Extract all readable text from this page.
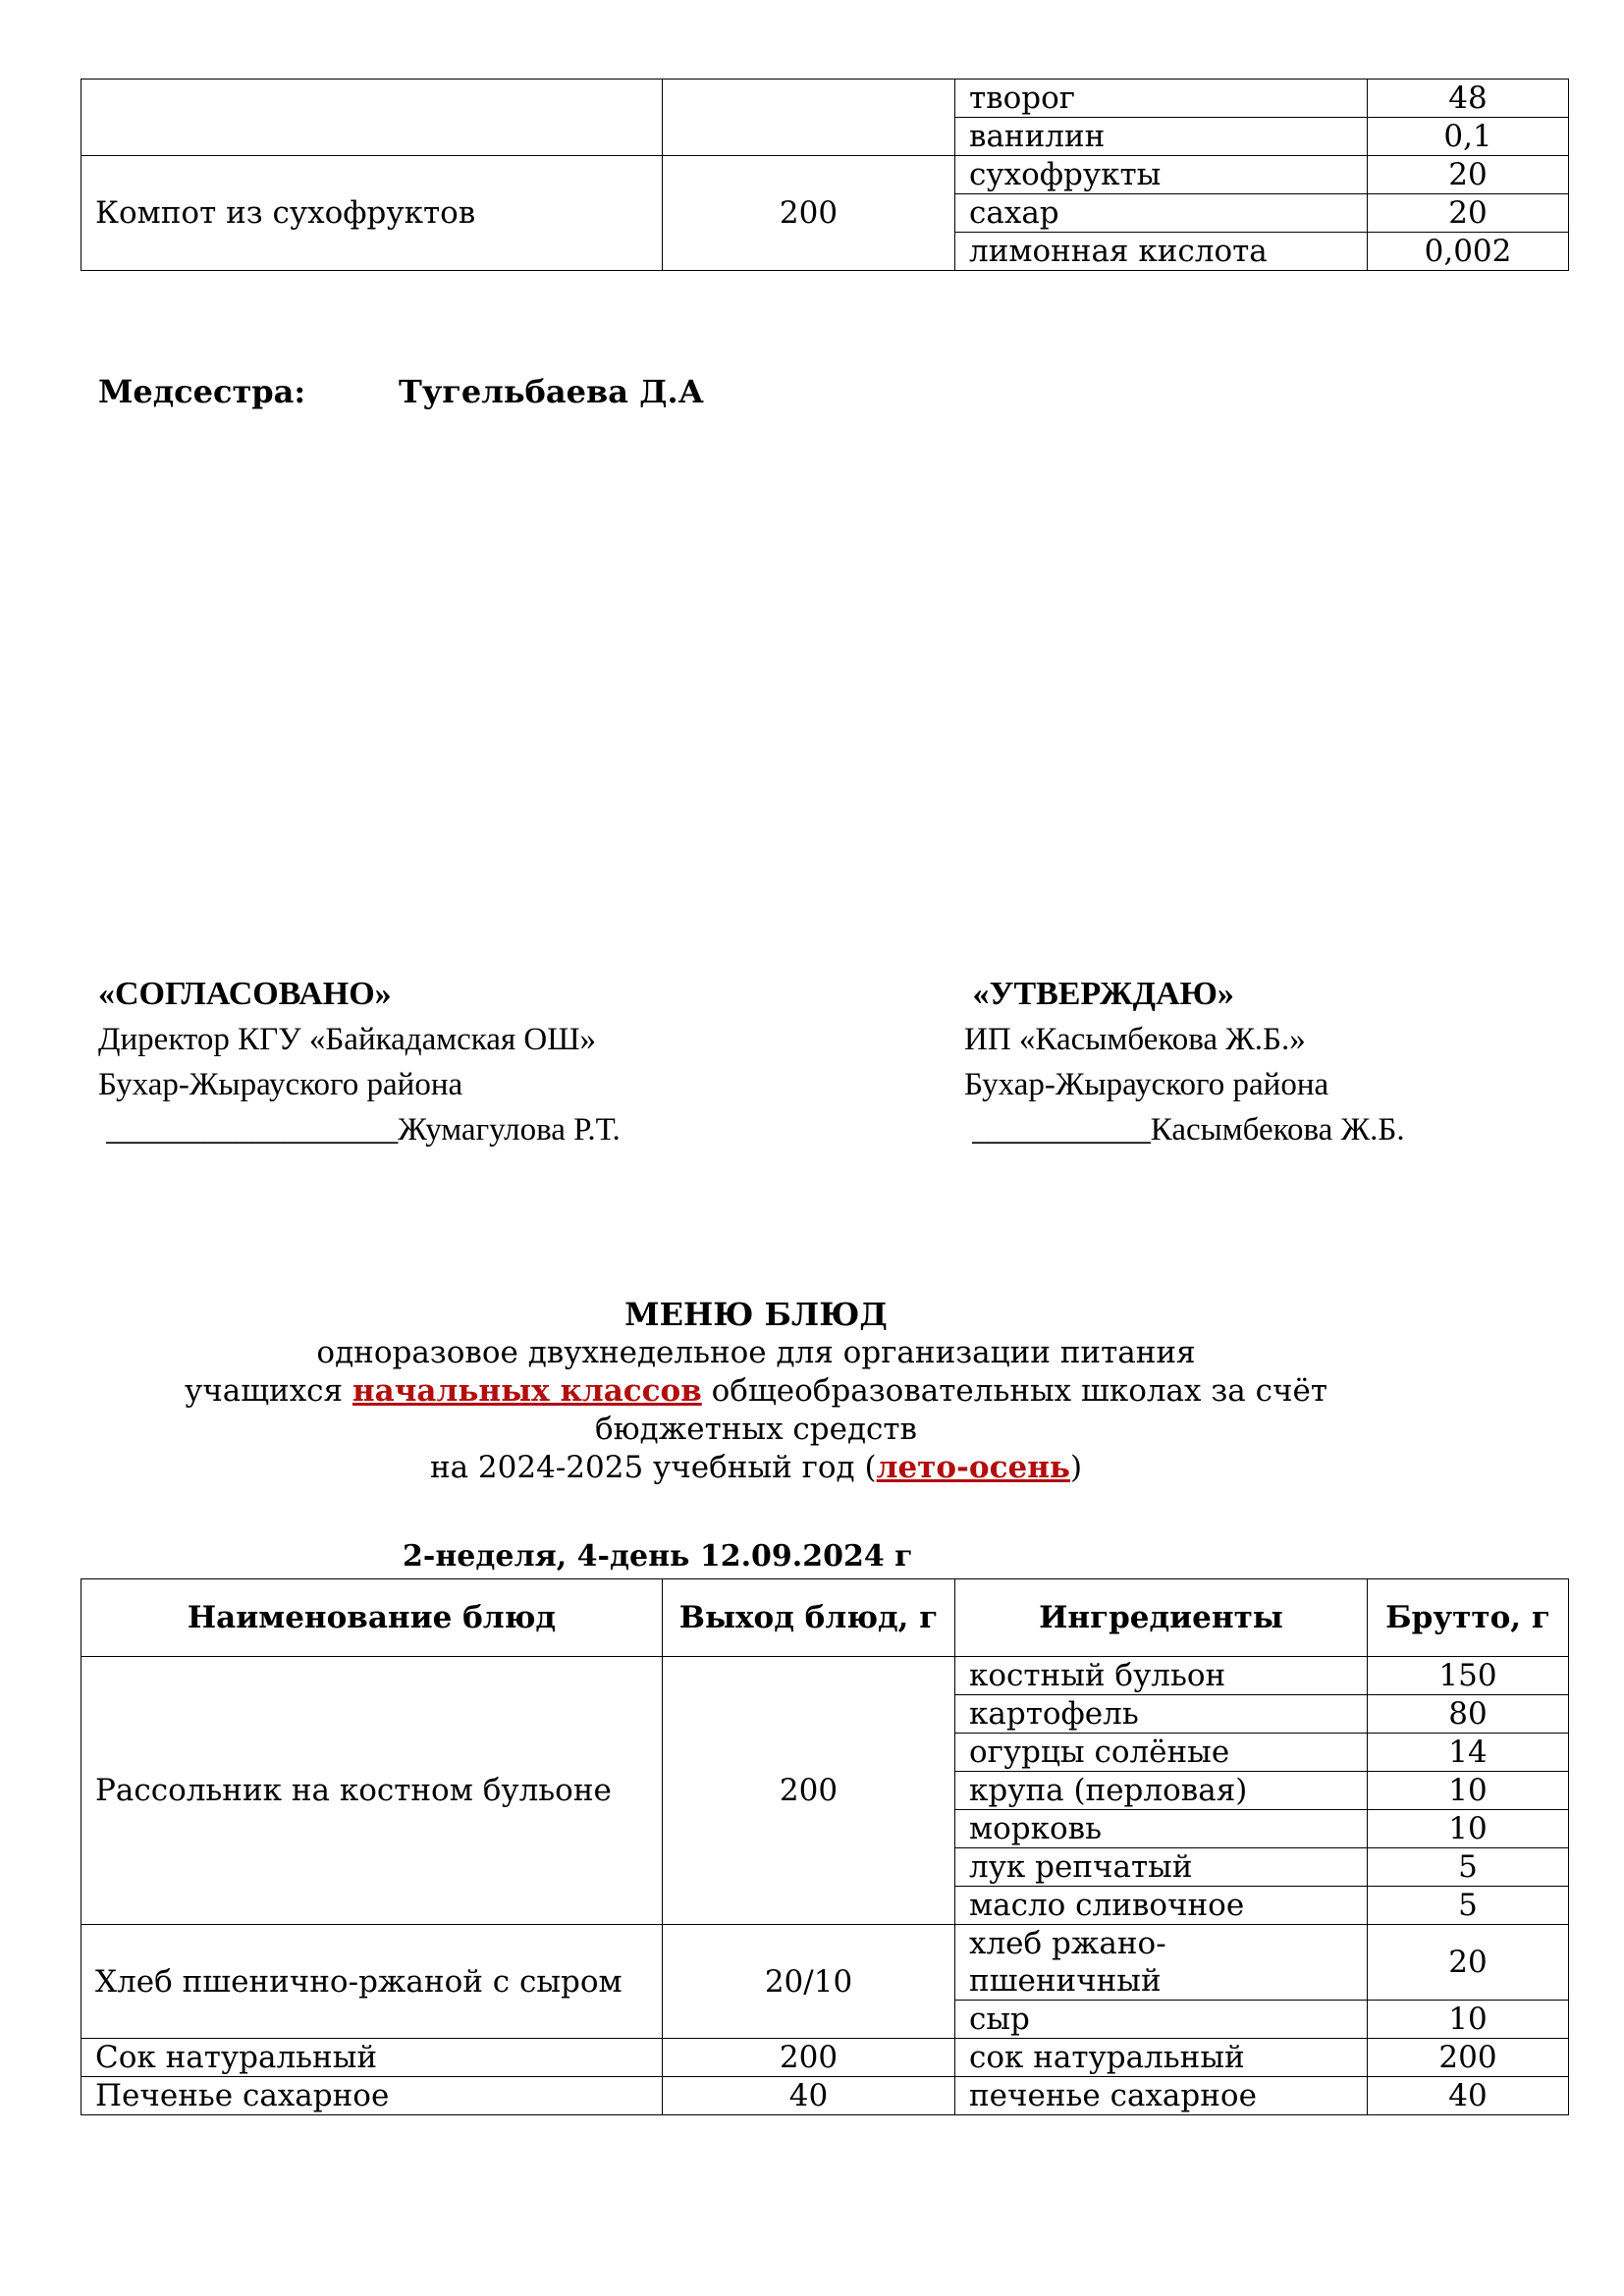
		творог	48
		ванилин	0,1
Компот из сухофруктов	200	сухофрукты	20
		сахар	20
		лимонная кислота	0,002
Медсестра:	Тугельбаева Д.А
«СОГЛАСОВАНО»
Директор КГУ «Байкадамская ОШ»
Бухар-Жырауского района
__________________Жумагулова Р.Т.
«УТВЕРЖДАЮ»
ИП «Касымбекова Ж.Б.»
Бухар-Жырауского района
___________Касымбекова Ж.Б.
МЕНЮ БЛЮД
одноразовое двухнедельное для организации питания
учащихся начальных классов общеобразовательных школах за счёт
бюджетных средств
на 2024-2025 учебный год (лето-осень)
2-неделя, 4-день 12.09.2024 г
Наименование блюд	Выход блюд, г	Ингредиенты	Брутто, г
Рассольник на костном бульоне	200	костный бульон	150
		картофель	80
		огурцы солёные	14
		крупа (перловая)	10
		морковь	10
		лук репчатый	5
		масло сливочное	5
Хлеб пшенично-ржаной с сыром	20/10	хлеб ржано-пшеничный	20
		сыр	10
Сок натуральный	200	сок натуральный	200
Печенье сахарное	40	печенье сахарное	40
